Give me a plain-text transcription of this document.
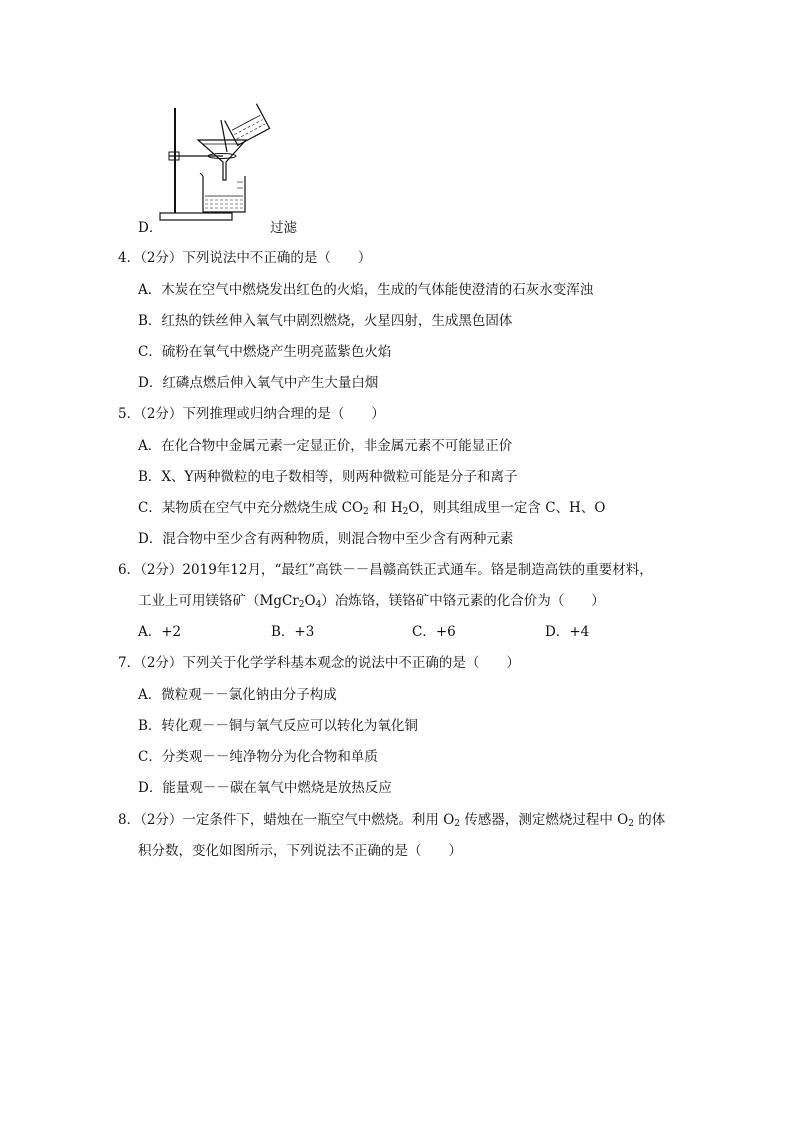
D．	过滤
4．（2分）下列说法中不正确的是（　　）
A．木炭在空气中燃烧发出红色的火焰，生成的气体能使澄清的石灰水变浑浊
B．红热的铁丝伸入氧气中剧烈燃烧，火星四射，生成黑色固体
C．硫粉在氧气中燃烧产生明亮蓝紫色火焰
D．红磷点燃后伸入氧气中产生大量白烟
5．（2分）下列推理或归纳合理的是（　　）
A．在化合物中金属元素一定显正价，非金属元素不可能显正价
B．X、Y两种微粒的电子数相等，则两种微粒可能是分子和离子
C．某物质在空气中充分燃烧生成 $CO_2$ 和 $H_2O$，则其组成里一定含 C、H、O
D．混合物中至少含有两种物质，则混合物中至少含有两种元素
6．（2分）2019年12月，“最红”高铁－－昌赣高铁正式通车。铬是制造高铁的重要材料，
工业上可用镁铬矿$(MgCr_2O_4)$冶炼铬，镁铬矿中铬元素的化合价为（　　）
A．+2	B．+3	C．+6	D．+4
7．（2分）下列关于化学学科基本观念的说法中不正确的是（　　）
A．微粒观－－氯化钠由分子构成
B．转化观－－铜与氧气反应可以转化为氧化铜
C．分类观－－纯净物分为化合物和单质
D．能量观－－碳在氧气中燃烧是放热反应
8．（2分）一定条件下，蜡烛在一瓶空气中燃烧。利用 $O_2$ 传感器，测定燃烧过程中 $O_2$ 的体
积分数，变化如图所示，下列说法不正确的是（　　）
